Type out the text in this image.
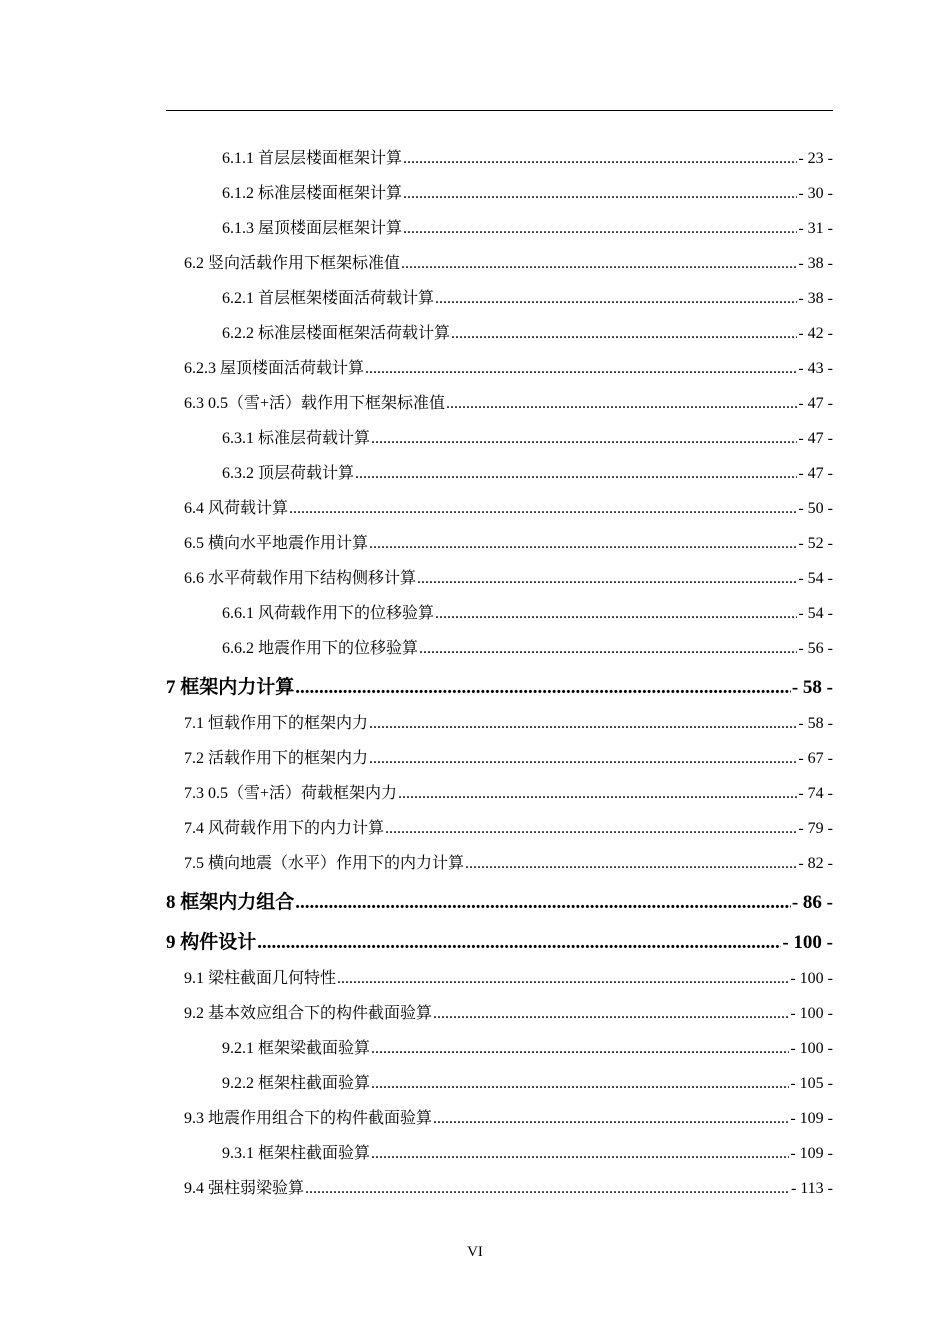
6.1.1 首层层楼面框架计算 .....	- 23 -
6.1.2 标准层楼面框架计算 .....	- 30 -
6.1.3 屋顶楼面层框架计算 .....	- 31 -
6.2 竖向活载作用下框架标准值 .....	- 38 -
6.2.1 首层框架楼面活荷载计算 .....	- 38 -
6.2.2 标准层楼面框架活荷载计算 .....	- 42 -
6.2.3 屋顶楼面活荷载计算 .....	- 43 -
6.3 0.5（雪+活）载作用下框架标准值 .....	- 47 -
6.3.1 标准层荷载计算 .....	- 47 -
6.3.2 顶层荷载计算 .....	- 47 -
6.4 风荷载计算 .....	- 50 -
6.5 横向水平地震作用计算 .....	- 52 -
6.6 水平荷载作用下结构侧移计算 .....	- 54 -
6.6.1 风荷载作用下的位移验算 .....	- 54 -
6.6.2 地震作用下的位移验算 .....	- 56 -
7 框架内力计算 .....	- 58 -
7.1 恒载作用下的框架内力 .....	- 58 -
7.2 活载作用下的框架内力 .....	- 67 -
7.3 0.5（雪+活）荷载框架内力 .....	- 74 -
7.4 风荷载作用下的内力计算 .....	- 79 -
7.5 横向地震（水平）作用下的内力计算 .....	- 82 -
8 框架内力组合 .....	- 86 -
9 构件设计 .....	- 100 -
9.1 梁柱截面几何特性 .....	- 100 -
9.2 基本效应组合下的构件截面验算 .....	- 100 -
9.2.1 框架梁截面验算 .....	- 100 -
9.2.2 框架柱截面验算 .....	- 105 -
9.3 地震作用组合下的构件截面验算 .....	- 109 -
9.3.1 框架柱截面验算 .....	- 109 -
9.4 强柱弱梁验算 .....	- 113 -
VI
